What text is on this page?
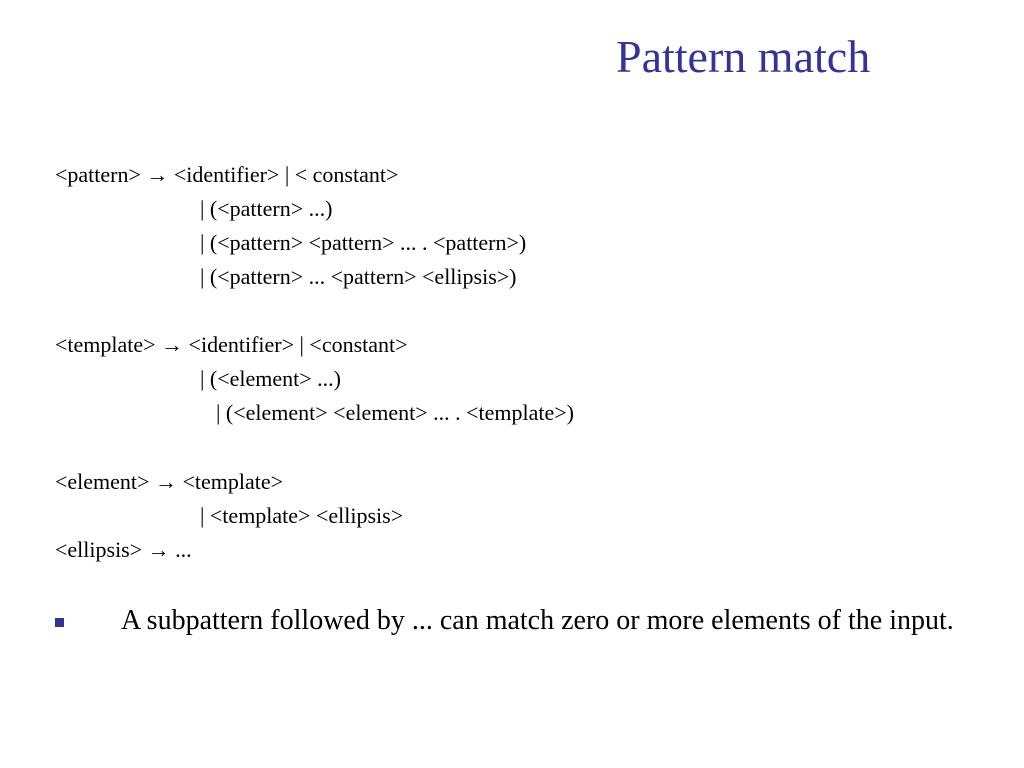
Pattern match
<pattern> → <identifier> | < constant>
| (<pattern> ...)
| (<pattern> <pattern> ... . <pattern>)
| (<pattern> ... <pattern> <ellipsis>)
<template> → <identifier> | <constant>
| (<element> ...)
| (<element> <element> ... . <template>)
<element> → <template>
| <template> <ellipsis>
<ellipsis> → ...
A subpattern followed by ... can match zero or more elements of the input.
